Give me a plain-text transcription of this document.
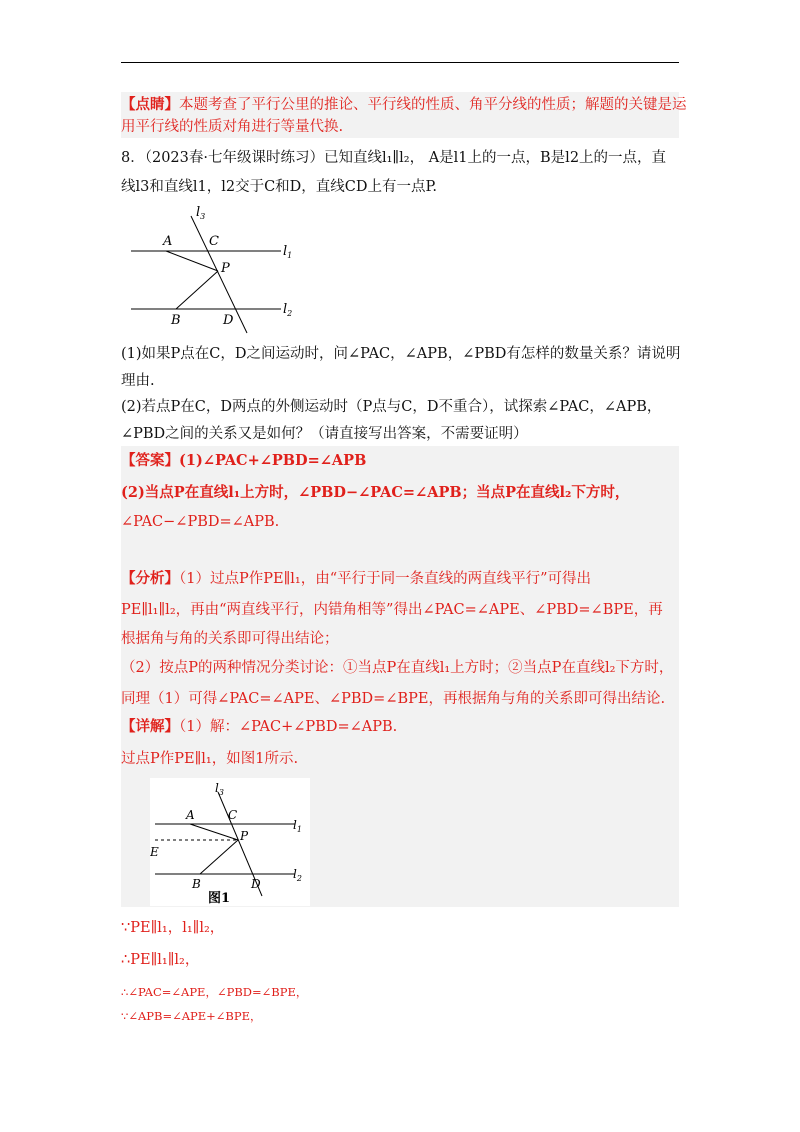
【点睛】本题考查了平行公里的推论、平行线的性质、角平分线的性质；解题的关键是运
用平行线的性质对角进行等量代换.
8．（2023春·七年级课时练习）已知直线l₁∥l₂， A是l1上的一点，B是l2上的一点，直
线l3和直线l1，l2交于C和D，直线CD上有一点P.
$l_3$
$l_1$
$l_2$
A	C
P
B	D
(1)如果P点在C，D之间运动时，问∠PAC，∠APB，∠PBD有怎样的数量关系？请说明
理由.
(2)若点P在C，D两点的外侧运动时（P点与C，D不重合），试探索∠PAC，∠APB，
∠PBD之间的关系又是如何？（请直接写出答案，不需要证明）
【答案】(1)∠PAC+∠PBD=∠APB
(2)当点P在直线l₁上方时，∠PBD−∠PAC=∠APB；当点P在直线l₂下方时，
∠PAC−∠PBD=∠APB.
【分析】（1）过点P作PE∥l₁，由“平行于同一条直线的两直线平行”可得出
PE∥l₁∥l₂，再由“两直线平行，内错角相等”得出∠PAC=∠APE、∠PBD=∠BPE，再
根据角与角的关系即可得出结论；
（2）按点P的两种情况分类讨论：①当点P在直线l₁上方时；②当点P在直线l₂下方时，
同理（1）可得∠PAC=∠APE、∠PBD=∠BPE，再根据角与角的关系即可得出结论.
【详解】（1）解：∠PAC+∠PBD=∠APB.
过点P作PE∥l₁，如图1所示.
$l_3$
$l_1$
$l_2$
A	C
P
E
B	D
图1
∵PE∥l₁，l₁∥l₂，
∴PE∥l₁∥l₂，
∴∠PAC=∠APE，∠PBD=∠BPE，
∵∠APB=∠APE+∠BPE，
